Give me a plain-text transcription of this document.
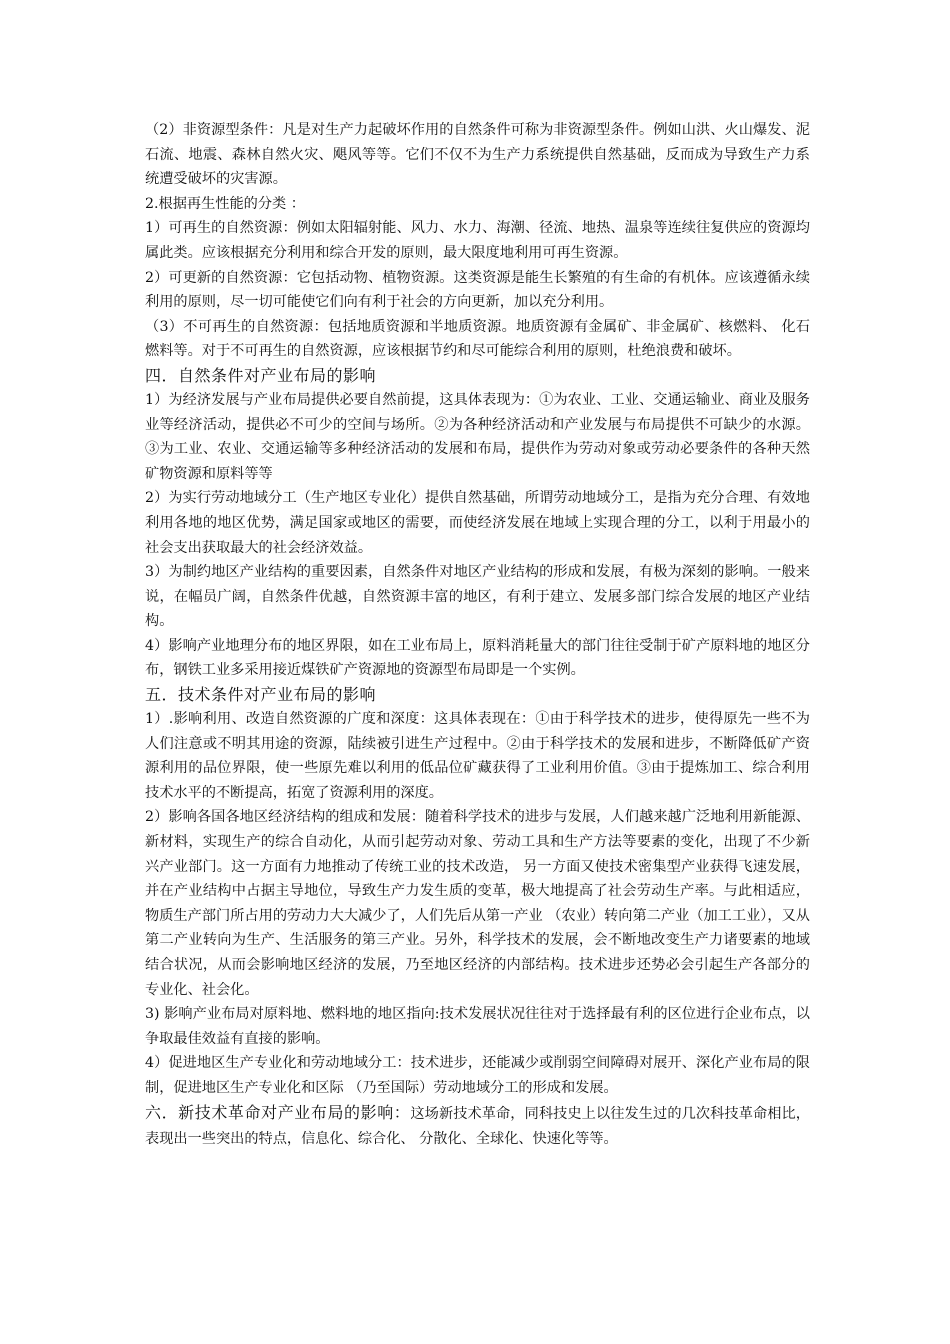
（2）非资源型条件：凡是对生产力起破坏作用的自然条件可称为非资源型条件。例如山洪、火山爆发、泥石流、地震、森林自然火灾、飓风等等。它们不仅不为生产力系统提供自然基础，反而成为导致生产力系统遭受破坏的灾害源。

2.根据再生性能的分类 ：

1）可再生的自然资源：例如太阳辐射能、风力、水力、海潮、径流、地热、温泉等连续往复供应的资源均属此类。应该根据充分利用和综合开发的原则，最大限度地利用可再生资源。

2）可更新的自然资源：它包括动物、植物资源。这类资源是能生长繁殖的有生命的有机体。应该遵循永续利用的原则，尽一切可能使它们向有利于社会的方向更新，加以充分利用。

（3）不可再生的自然资源：包括地质资源和半地质资源。地质资源有金属矿、非金属矿、核燃料、 化石燃料等。对于不可再生的自然资源，应该根据节约和尽可能综合利用的原则，杜绝浪费和破坏。

四．自然条件对产业布局的影响

1）为经济发展与产业布局提供必要自然前提，这具体表现为：①为农业、工业、交通运输业、商业及服务业等经济活动，提供必不可少的空间与场所。②为各种经济活动和产业发展与布局提供不可缺少的水源。③为工业、农业、交通运输等多种经济活动的发展和布局，提供作为劳动对象或劳动必要条件的各种天然矿物资源和原料等等

2）为实行劳动地域分工（生产地区专业化）提供自然基础，所谓劳动地域分工，是指为充分合理、有效地利用各地的地区优势，满足国家或地区的需要，而使经济发展在地域上实现合理的分工，以利于用最小的社会支出获取最大的社会经济效益。

3）为制约地区产业结构的重要因素，自然条件对地区产业结构的形成和发展，有极为深刻的影响。一般来说，在幅员广阔，自然条件优越，自然资源丰富的地区，有利于建立、发展多部门综合发展的地区产业结构。

4）影响产业地理分布的地区界限，如在工业布局上，原料消耗量大的部门往往受制于矿产原料地的地区分布，钢铁工业多采用接近煤铁矿产资源地的资源型布局即是一个实例。

五．技术条件对产业布局的影响

1）.影响利用、改造自然资源的广度和深度：这具体表现在：①由于科学技术的进步，使得原先一些不为人们注意或不明其用途的资源，陆续被引进生产过程中。②由于科学技术的发展和进步，不断降低矿产资源利用的品位界限，使一些原先难以利用的低品位矿藏获得了工业利用价值。③由于提炼加工、综合利用技术水平的不断提高，拓宽了资源利用的深度。

2）影响各国各地区经济结构的组成和发展：随着科学技术的进步与发展，人们越来越广泛地利用新能源、新材料，实现生产的综合自动化，从而引起劳动对象、劳动工具和生产方法等要素的变化，出现了不少新兴产业部门。这一方面有力地推动了传统工业的技术改造， 另一方面又使技术密集型产业获得飞速发展，并在产业结构中占据主导地位，导致生产力发生质的变革，极大地提高了社会劳动生产率。与此相适应，物质生产部门所占用的劳动力大大减少了，人们先后从第一产业 （农业）转向第二产业（加工工业），又从第二产业转向为生产、生活服务的第三产业。另外，科学技术的发展，会不断地改变生产力诸要素的地域结合状况，从而会影响地区经济的发展，乃至地区经济的内部结构。技术进步还势必会引起生产各部分的专业化、社会化。

3) 影响产业布局对原料地、燃料地的地区指向:技术发展状况往往对于选择最有利的区位进行企业布点，以争取最佳效益有直接的影响。

4）促进地区生产专业化和劳动地域分工：技术进步，还能减少或削弱空间障碍对展开、深化产业布局的限制，促进地区生产专业化和区际 （乃至国际）劳动地域分工的形成和发展。

六．新技术革命对产业布局的影响：这场新技术革命，同科技史上以往发生过的几次科技革命相比，表现出一些突出的特点，信息化、综合化、 分散化、全球化、快速化等等。
